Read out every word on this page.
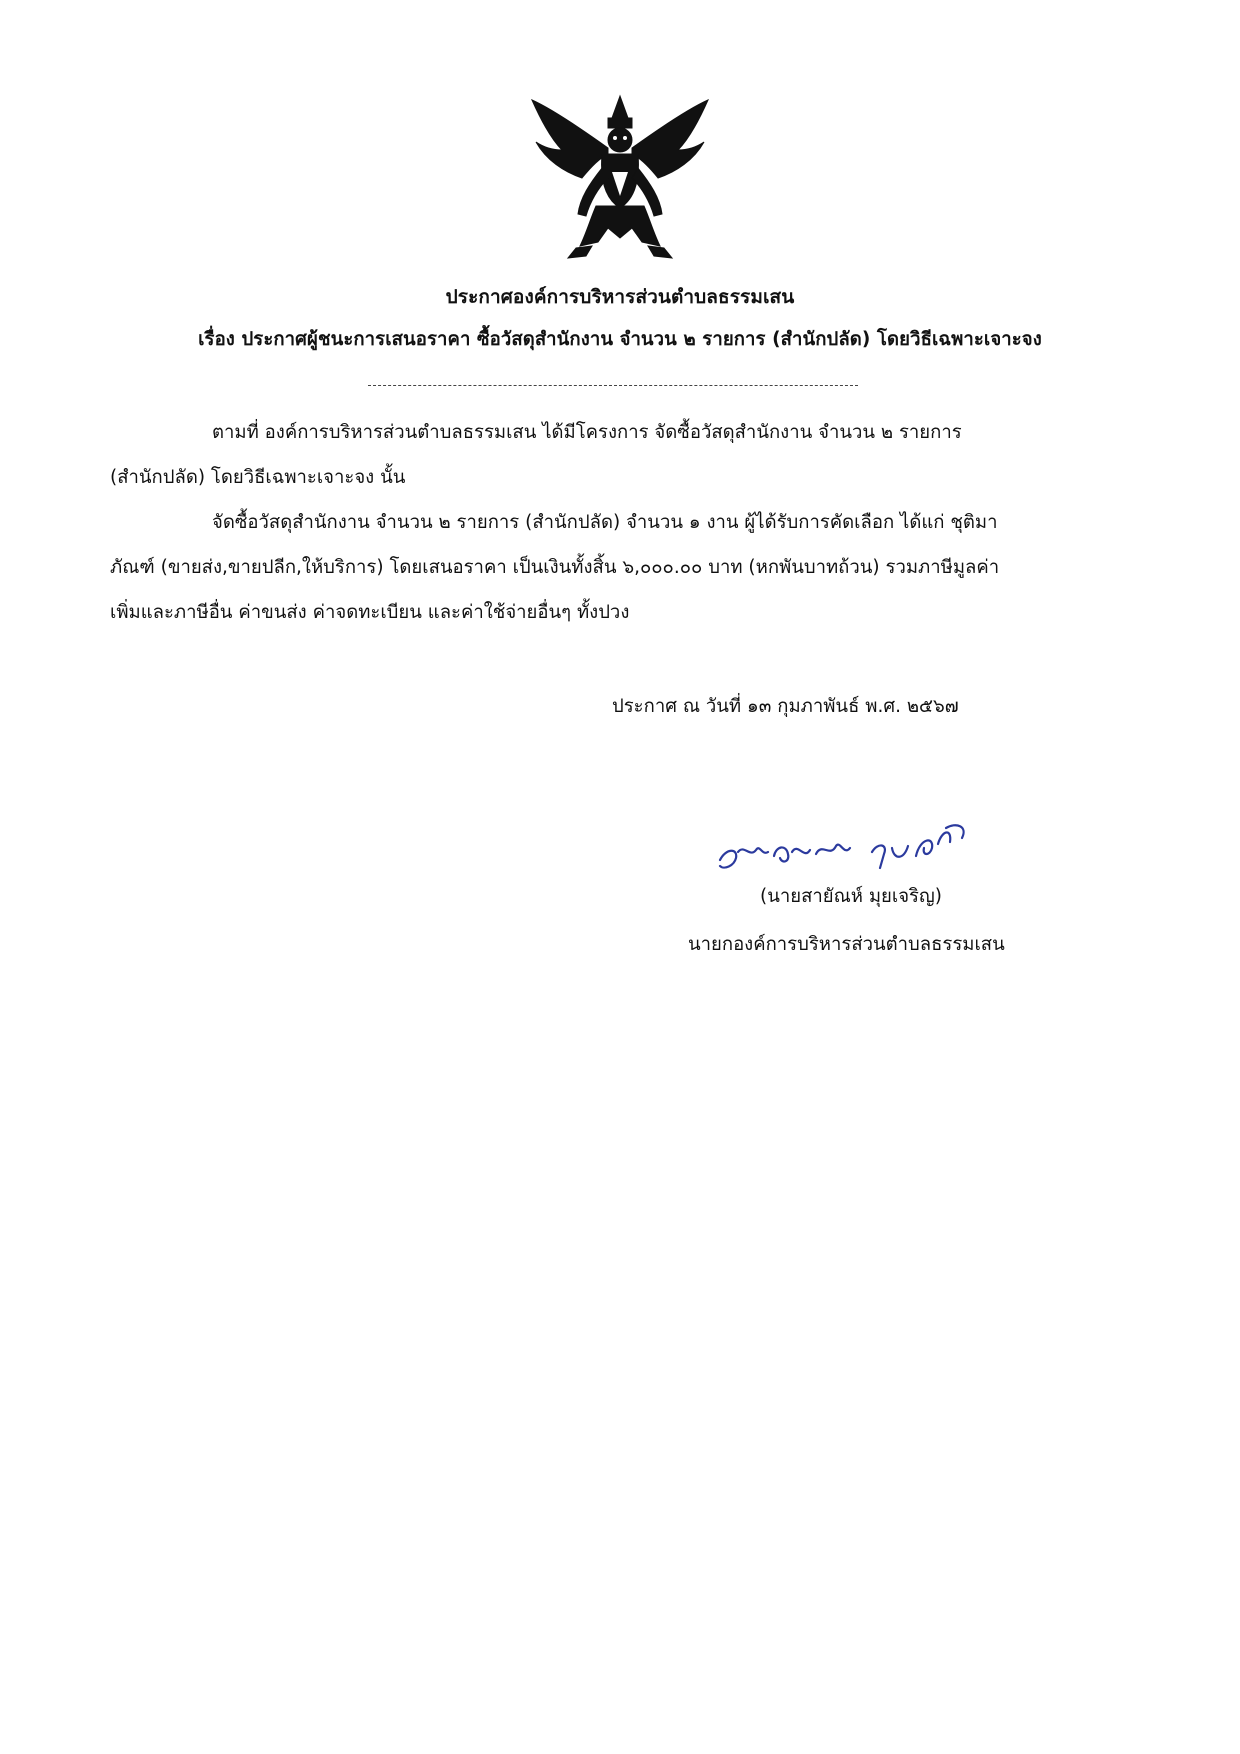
ประกาศองค์การบริหารส่วนตำบลธรรมเสน
เรื่อง ประกาศผู้ชนะการเสนอราคา ซื้อวัสดุสำนักงาน จำนวน ๒ รายการ (สำนักปลัด) โดยวิธีเฉพาะเจาะจง
ตามที่ องค์การบริหารส่วนตำบลธรรมเสน ได้มีโครงการ จัดซื้อวัสดุสำนักงาน จำนวน ๒ รายการ
(สำนักปลัด) โดยวิธีเฉพาะเจาะจง นั้น
จัดซื้อวัสดุสำนักงาน จำนวน ๒ รายการ (สำนักปลัด) จำนวน ๑ งาน ผู้ได้รับการคัดเลือก ได้แก่ ชุติมา
ภัณฑ์ (ขายส่ง,ขายปลีก,ให้บริการ) โดยเสนอราคา เป็นเงินทั้งสิ้น ๖,๐๐๐.๐๐ บาท (หกพันบาทถ้วน) รวมภาษีมูลค่า
เพิ่มและภาษีอื่น ค่าขนส่ง ค่าจดทะเบียน และค่าใช้จ่ายอื่นๆ ทั้งปวง
ประกาศ ณ วันที่ ๑๓ กุมภาพันธ์ พ.ศ. ๒๕๖๗
(นายสายัณห์ มุยเจริญ)
นายกองค์การบริหารส่วนตำบลธรรมเสน
